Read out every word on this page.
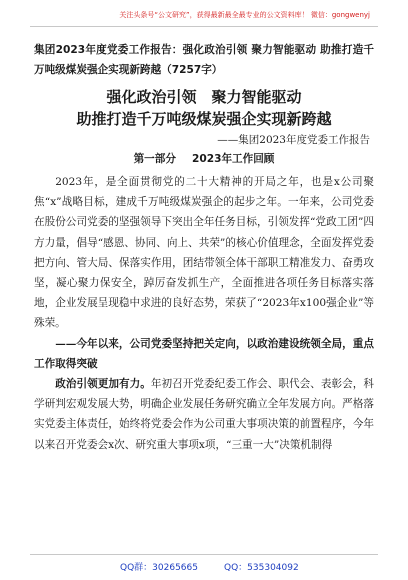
关注头条号“公文研究”，获得最新最全最专业的公文资料库！ 微信：gongwenyj

集团2023年度党委工作报告：强化政治引领 聚力智能驱动 助推打造千万吨级煤炭强企实现新跨越（7257字）

强化政治引领　聚力智能驱动

助推打造千万吨级煤炭强企实现新跨越

——集团2023年度党委工作报告

第一部分 2023年工作回顾

2023年，是全面贯彻党的二十大精神的开局之年，也是x公司聚焦“x”战略目标，建成千万吨级煤炭强企的起步之年。一年来，公司党委在股份公司党委的坚强领导下突出全年任务目标，引领发挥“党政工团”四方力量，倡导“感恩、协同、向上、共荣”的核心价值理念，全面发挥党委把方向、管大局、保落实作用，团结带领全体干部职工精准发力、奋勇攻坚，凝心聚力保安全，踔厉奋发抓生产，全面推进各项任务目标落实落地，企业发展呈现稳中求进的良好态势，荣获了“2023年x100强企业”等殊荣。

——今年以来，公司党委坚持把关定向，以政治建设统领全局，重点工作取得突破

政治引领更加有力。年初召开党委纪委工作会、职代会、表彰会，科学研判宏观发展大势，明确企业发展任务研究确立全年发展方向。严格落实党委主体责任，始终将党委会作为公司重大事项决策的前置程序，今年以来召开党委会x次、研究重大事项x项，“三重一大”决策机制得

QQ群：30265665	QQ：535304092
